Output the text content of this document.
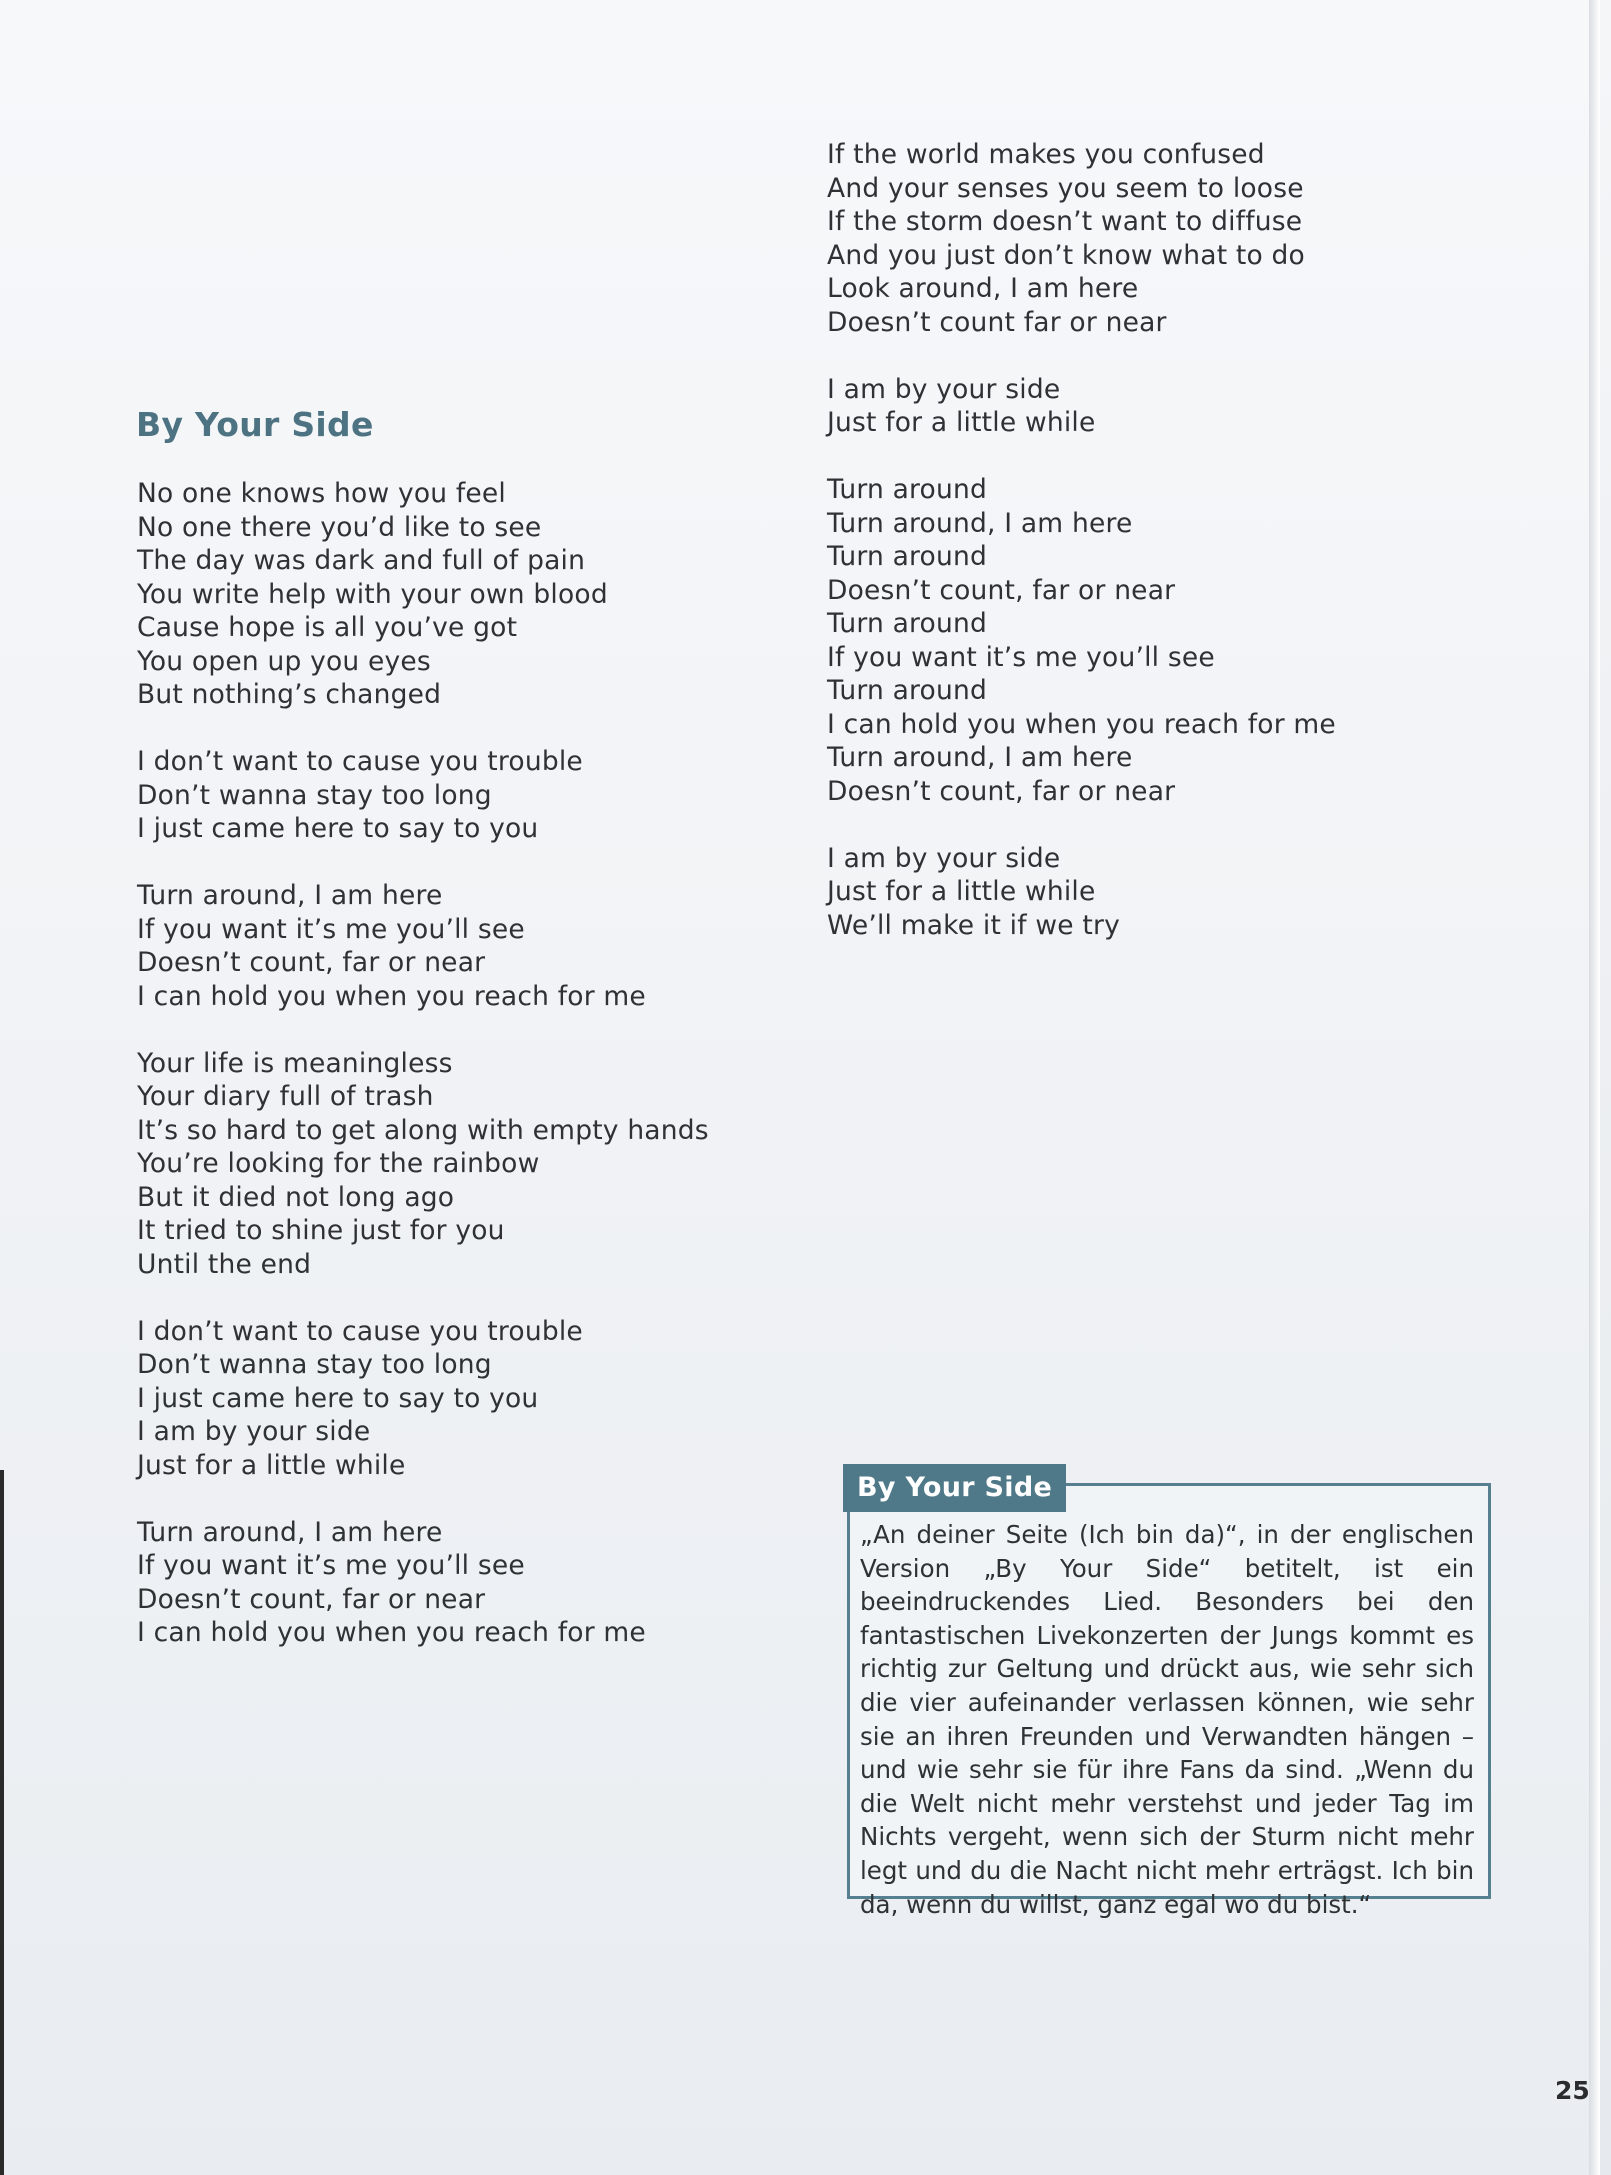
By Your Side
No one knows how you feel
No one there you’d like to see
The day was dark and full of pain
You write help with your own blood
Cause hope is all you’ve got
You open up you eyes
But nothing’s changed
I don’t want to cause you trouble
Don’t wanna stay too long
I just came here to say to you
Turn around, I am here
If you want it’s me you’ll see
Doesn’t count, far or near
I can hold you when you reach for me
Your life is meaningless
Your diary full of trash
It’s so hard to get along with empty hands
You’re looking for the rainbow
But it died not long ago
It tried to shine just for you
Until the end
I don’t want to cause you trouble
Don’t wanna stay too long
I just came here to say to you
I am by your side
Just for a little while
Turn around, I am here
If you want it’s me you’ll see
Doesn’t count, far or near
I can hold you when you reach for me
If the world makes you confused
And your senses you seem to loose
If the storm doesn’t want to diffuse
And you just don’t know what to do
Look around, I am here
Doesn’t count far or near
I am by your side
Just for a little while
Turn around
Turn around, I am here
Turn around
Doesn’t count, far or near
Turn around
If you want it’s me you’ll see
Turn around
I can hold you when you reach for me
Turn around, I am here
Doesn’t count, far or near
I am by your side
Just for a little while
We’ll make it if we try
By Your Side
„An deiner Seite (Ich bin da)“, in der englischen Version „By Your Side“ betitelt, ist ein beeindruckendes Lied. Besonders bei den fantastischen Livekonzerten der Jungs kommt es richtig zur Geltung und drückt aus, wie sehr sich die vier aufeinander verlassen können, wie sehr sie an ihren Freunden und Verwandten hängen – und wie sehr sie für ihre Fans da sind. „Wenn du die Welt nicht mehr verstehst und jeder Tag im Nichts vergeht, wenn sich der Sturm nicht mehr legt und du die Nacht nicht mehr erträgst. Ich bin da, wenn du willst, ganz egal wo du bist.“
25
